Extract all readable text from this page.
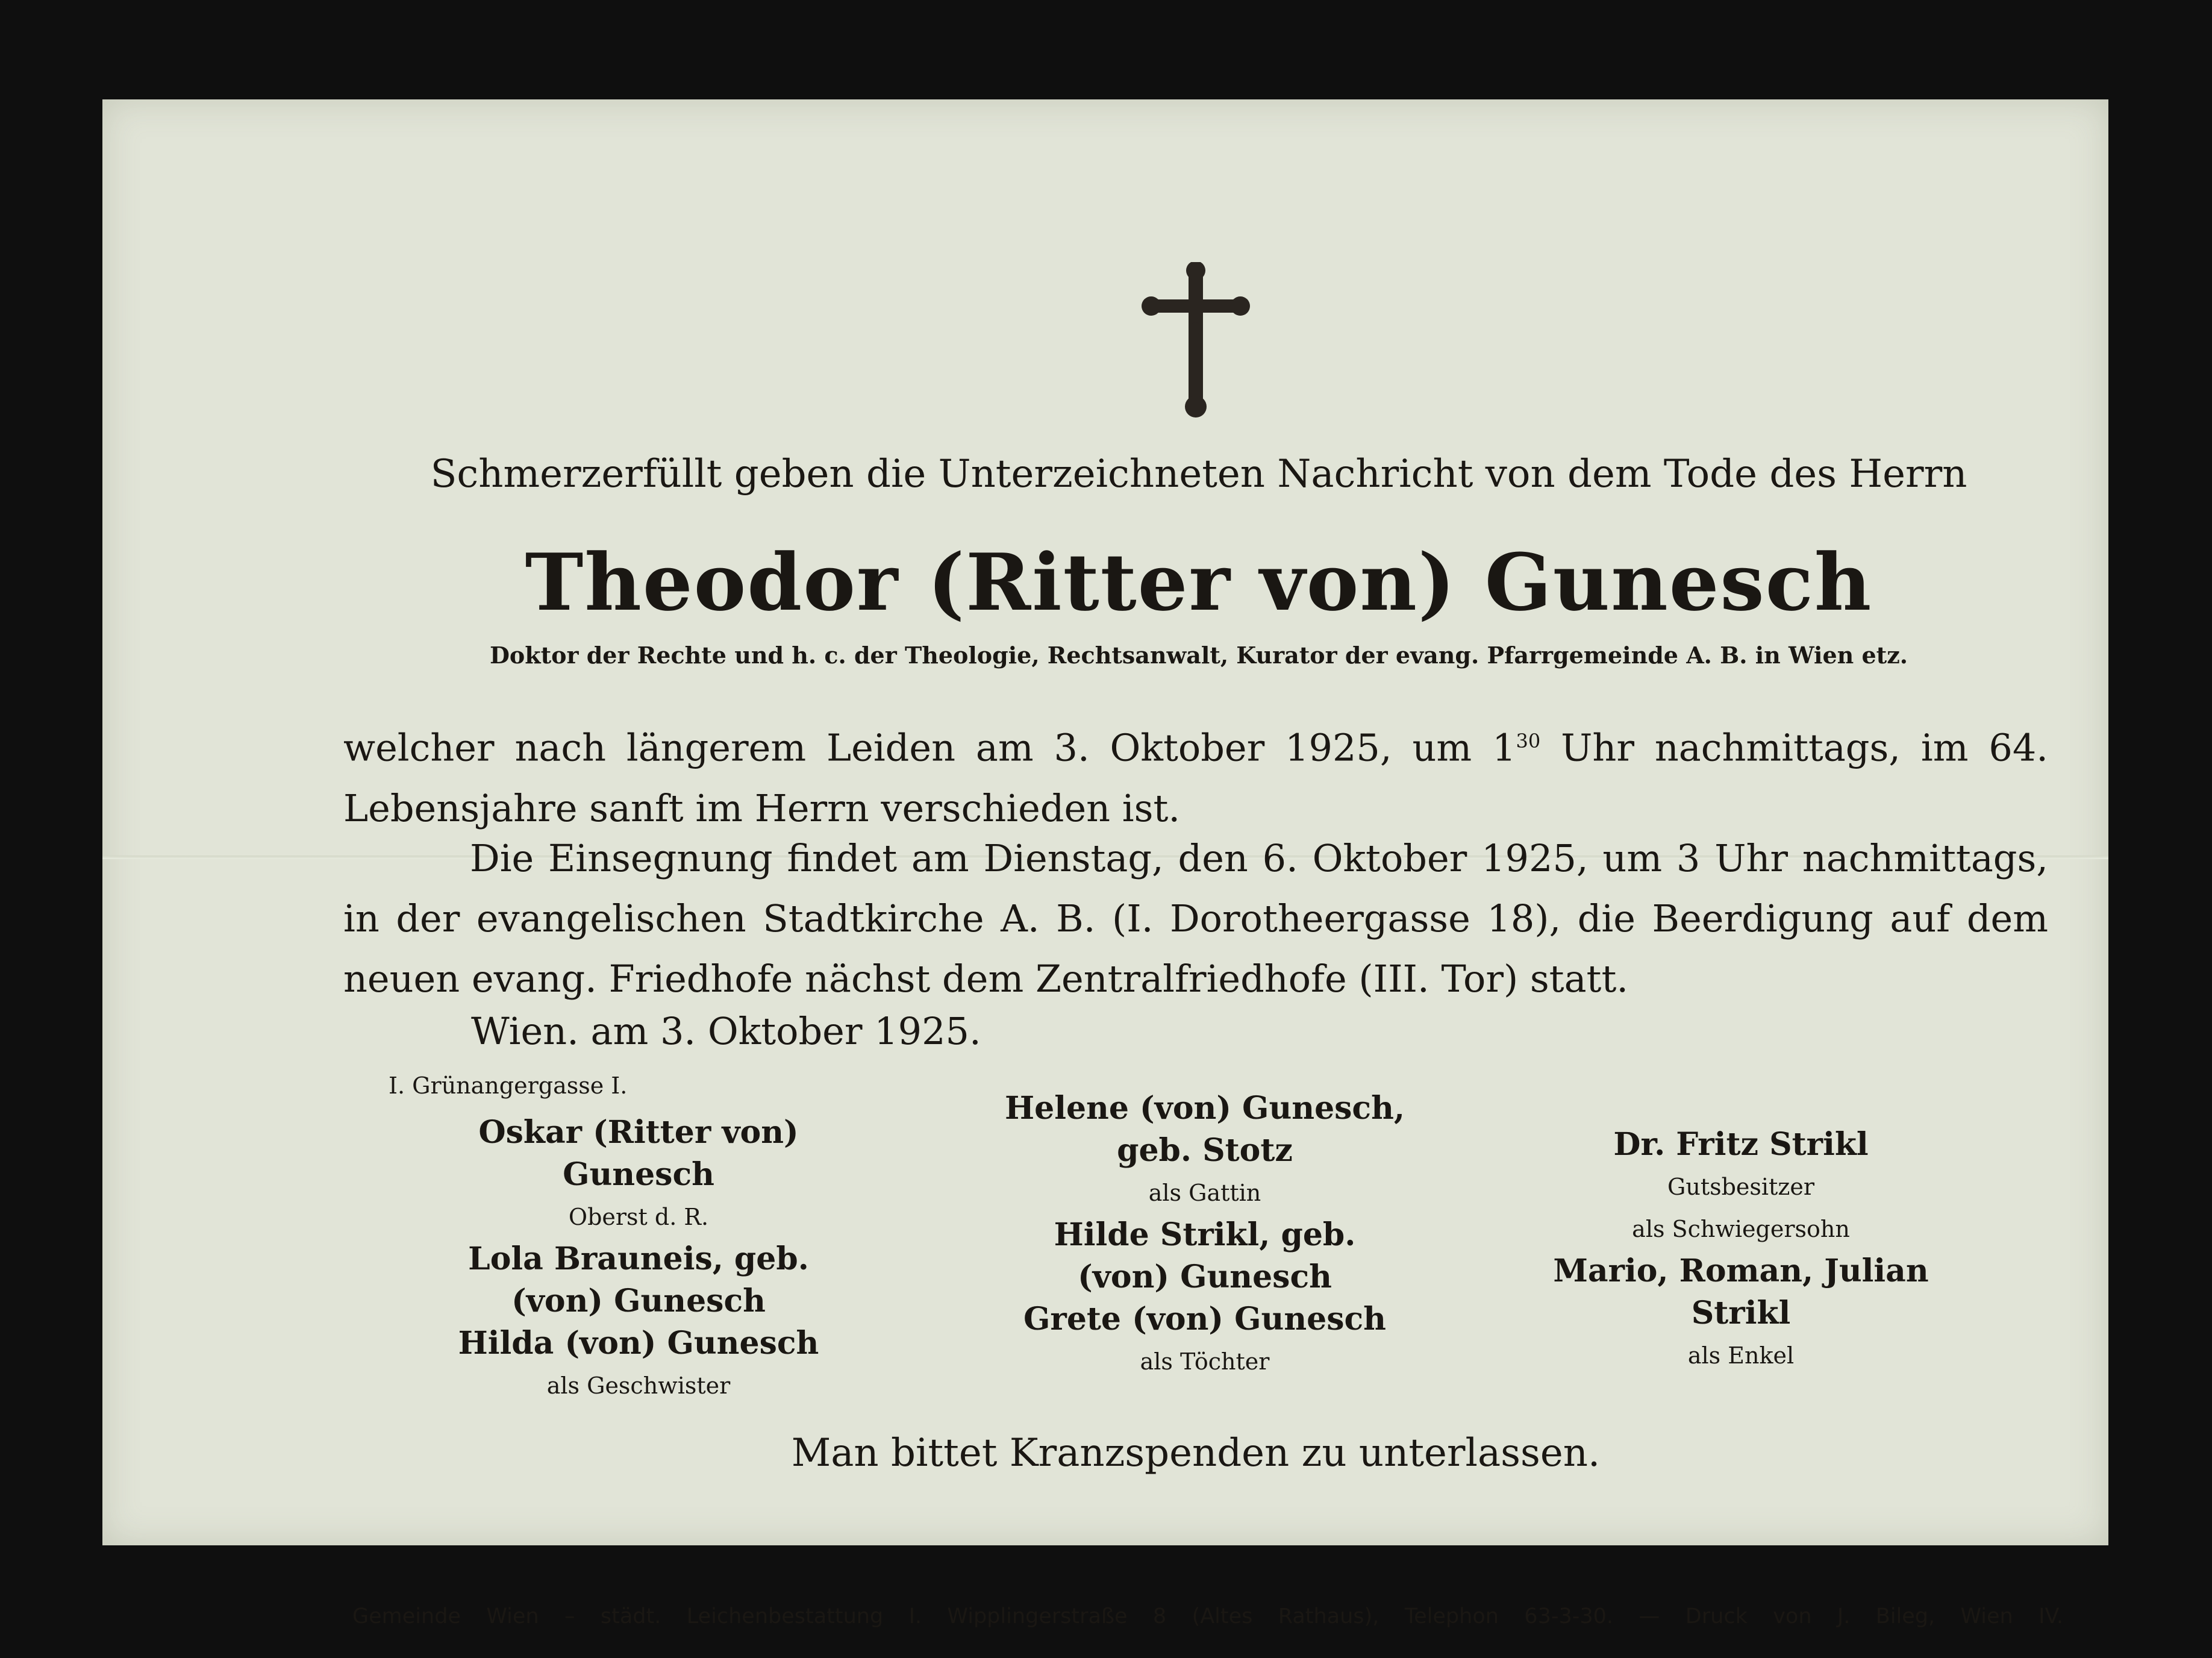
Schmerzerfüllt geben die Unterzeichneten Nachricht von dem Tode des Herrn
Theodor (Ritter von) Gunesch
Doktor der Rechte und h. c. der Theologie, Rechtsanwalt, Kurator der evang. Pfarrgemeinde A. B. in Wien etz.
welcher nach längerem Leiden am 3. Oktober 1925, um $1^{30}$ Uhr nachmittags, im 64. Lebensjahre sanft im Herrn verschieden ist.
Die Einsegnung findet am Dienstag, den 6. Oktober 1925, um 3 Uhr nachmittags, in der evangelischen Stadtkirche A. B. (I. Dorotheergasse 18), die Beerdigung auf dem neuen evang. Friedhofe nächst dem Zentralfriedhofe (III. Tor) statt.
Wien. am 3. Oktober 1925.
I. Grünangergasse I.
Oskar (Ritter von) Gunesch
Oberst d. R.
Lola Brauneis, geb.
(von) Gunesch
Hilda (von) Gunesch
als Geschwister
Helene (von) Gunesch,
geb. Stotz
als Gattin
Hilde Strikl, geb.
(von) Gunesch
Grete (von) Gunesch
als Töchter
Dr. Fritz Strikl
Gutsbesitzer
als Schwiegersohn
Mario, Roman, Julian Strikl
als Enkel
Man bittet Kranzspenden zu unterlassen.
Gemeinde Wien – städt. Leichenbestattung I. Wipplingerstraße 8 (Altes Rathaus), Telephon 63-3-30. — Druck von J. Bileg, Wien IV.
